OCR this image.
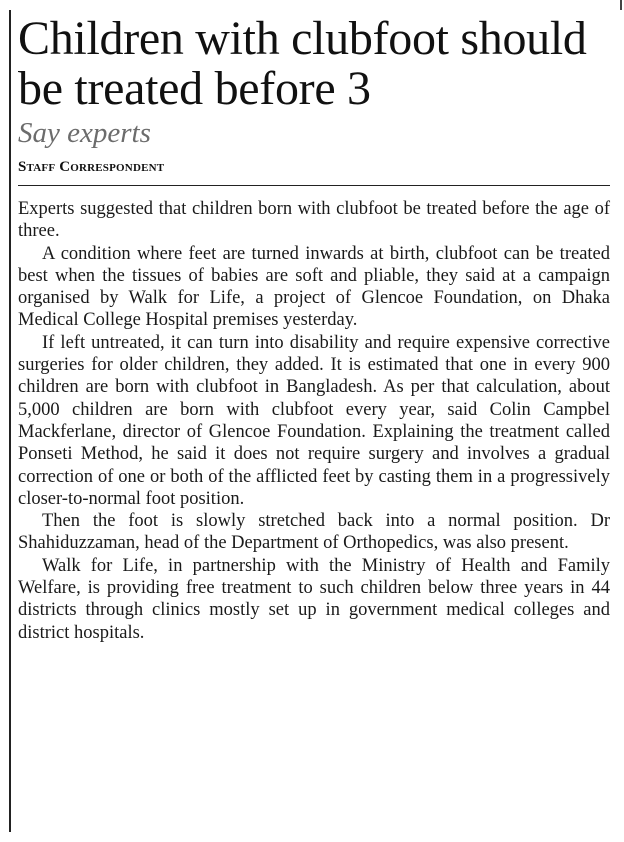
Children with clubfoot should be treated before 3
Say experts
Staff Correspondent

Experts suggested that children born with clubfoot be treated before the age of three.

A condition where feet are turned inwards at birth, clubfoot can be treated best when the tissues of babies are soft and pliable, they said at a campaign organised by Walk for Life, a project of Glencoe Foundation, on Dhaka Medical College Hospital premises yesterday.

If left untreated, it can turn into disability and require expensive corrective surgeries for older children, they added. It is estimated that one in every 900 children are born with clubfoot in Bangladesh. As per that calculation, about 5,000 children are born with clubfoot every year, said Colin Campbel Mackferlane, director of Glencoe Foundation. Explaining the treatment called Ponseti Method, he said it does not require surgery and involves a gradual correction of one or both of the afflicted feet by casting them in a progressively closer-to-normal foot position.

Then the foot is slowly stretched back into a normal position. Dr Shahiduzzaman, head of the Department of Orthopedics, was also present.

Walk for Life, in partnership with the Ministry of Health and Family Welfare, is providing free treatment to such children below three years in 44 districts through clinics mostly set up in government medical colleges and district hospitals.
